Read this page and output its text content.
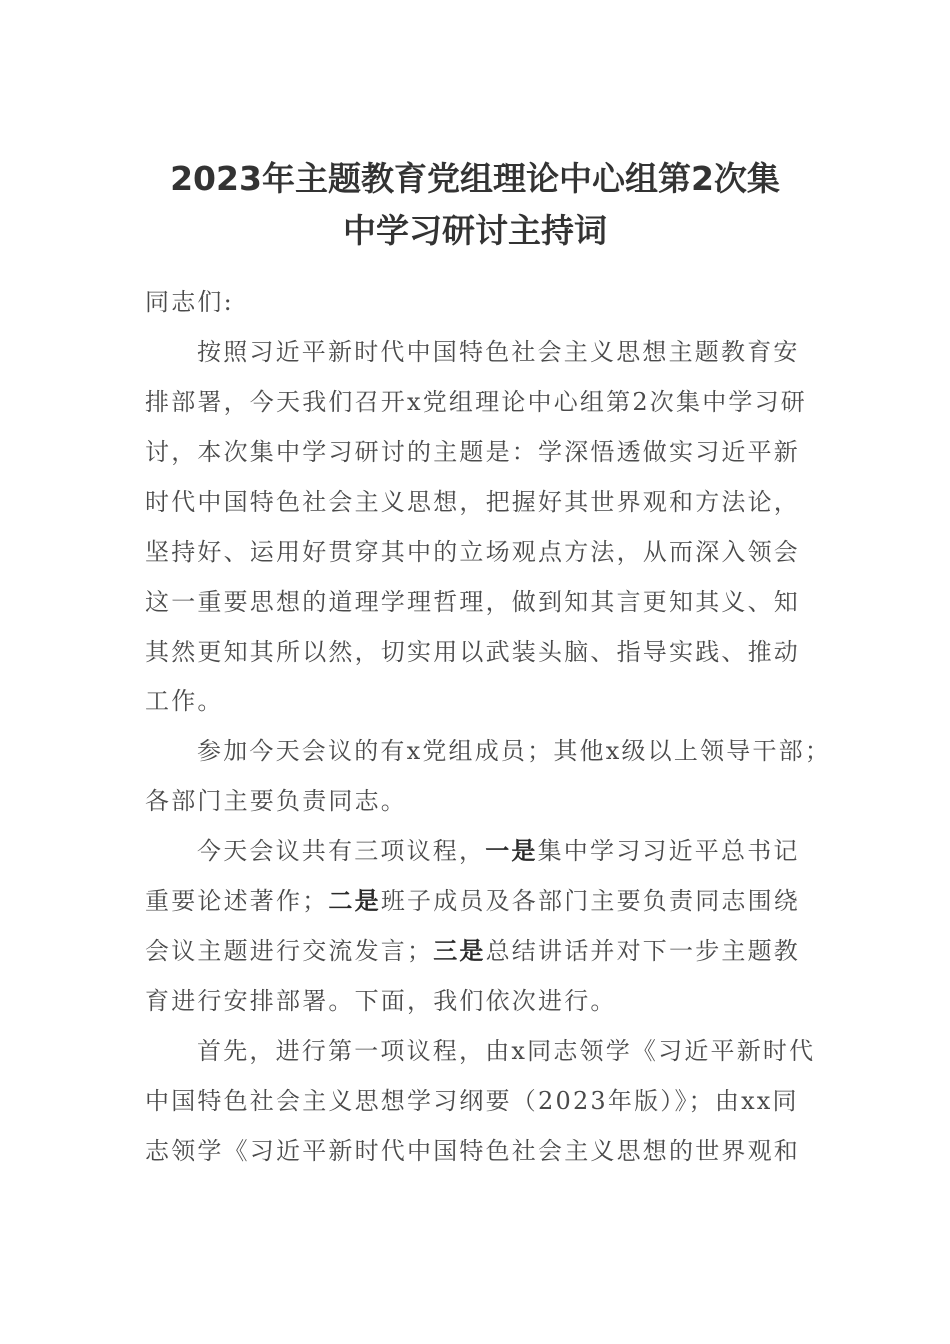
2023年主题教育党组理论中心组第2次集
中学习研讨主持词
同志们:
按照习近平新时代中国特色社会主义思想主题教育安
排部署，今天我们召开x党组理论中心组第2次集中学习研
讨，本次集中学习研讨的主题是：学深悟透做实习近平新
时代中国特色社会主义思想，把握好其世界观和方法论，
坚持好、运用好贯穿其中的立场观点方法，从而深入领会
这一重要思想的道理学理哲理，做到知其言更知其义、知
其然更知其所以然，切实用以武装头脑、指导实践、推动
工作。
参加今天会议的有x党组成员；其他x级以上领导干部；
各部门主要负责同志。
今天会议共有三项议程，一是集中学习习近平总书记
重要论述著作；二是班子成员及各部门主要负责同志围绕
会议主题进行交流发言；三是总结讲话并对下一步主题教
育进行安排部署。下面，我们依次进行。
首先，进行第一项议程，由x同志领学《习近平新时代
中国特色社会主义思想学习纲要（2023年版）》；由xx同
志领学《习近平新时代中国特色社会主义思想的世界观和
